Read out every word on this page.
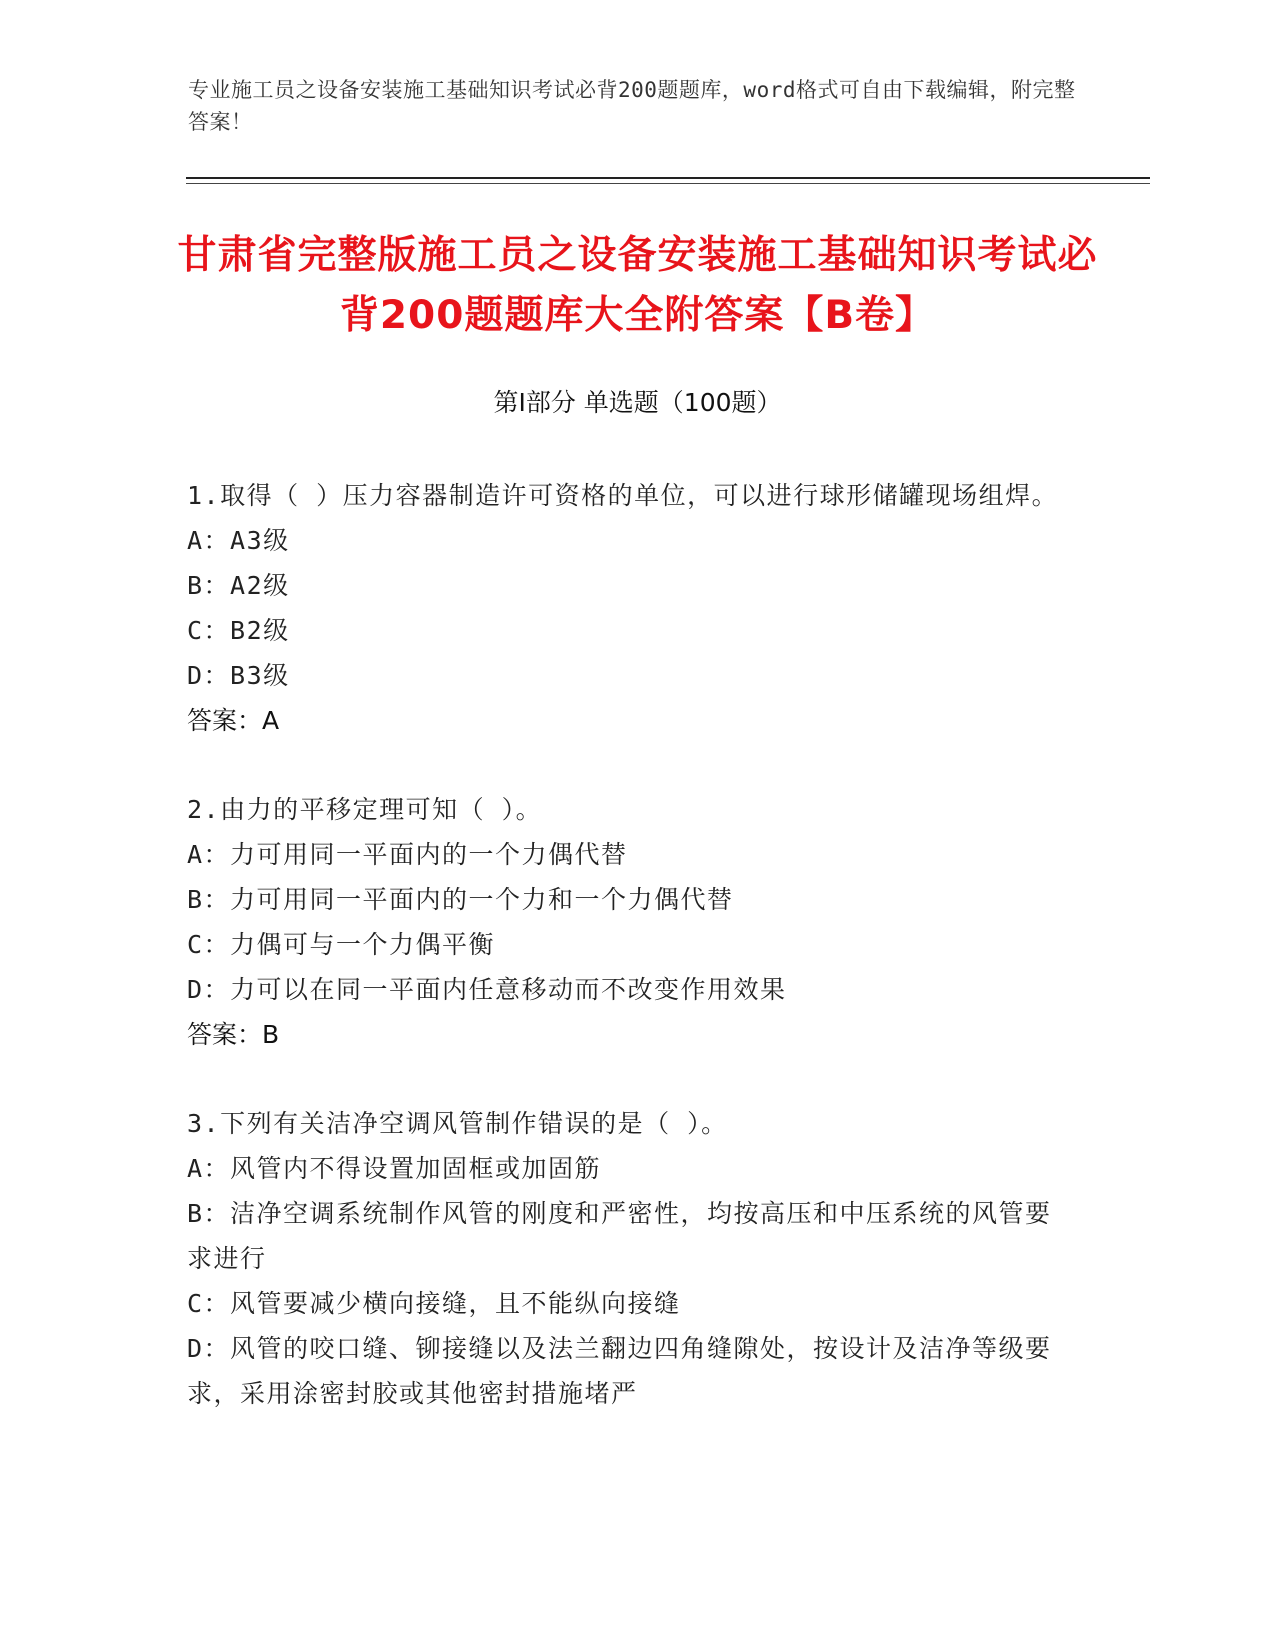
专业施工员之设备安装施工基础知识考试必背200题题库，word格式可自由下载编辑，附完整答案！
甘肃省完整版施工员之设备安装施工基础知识考试必背200题题库大全附答案【B卷】
第Ⅰ部分 单选题（100题）
1.取得（ ）压力容器制造许可资格的单位，可以进行球形储罐现场组焊。
A：A3级
B：A2级
C：B2级
D：B3级
答案：A
2.由力的平移定理可知（ ）。
A：力可用同一平面内的一个力偶代替
B：力可用同一平面内的一个力和一个力偶代替
C：力偶可与一个力偶平衡
D：力可以在同一平面内任意移动而不改变作用效果
答案：B
3.下列有关洁净空调风管制作错误的是（ ）。
A：风管内不得设置加固框或加固筋
B：洁净空调系统制作风管的刚度和严密性，均按高压和中压系统的风管要求进行
C：风管要减少横向接缝，且不能纵向接缝
D：风管的咬口缝、铆接缝以及法兰翻边四角缝隙处，按设计及洁净等级要求，采用涂密封胶或其他密封措施堵严
